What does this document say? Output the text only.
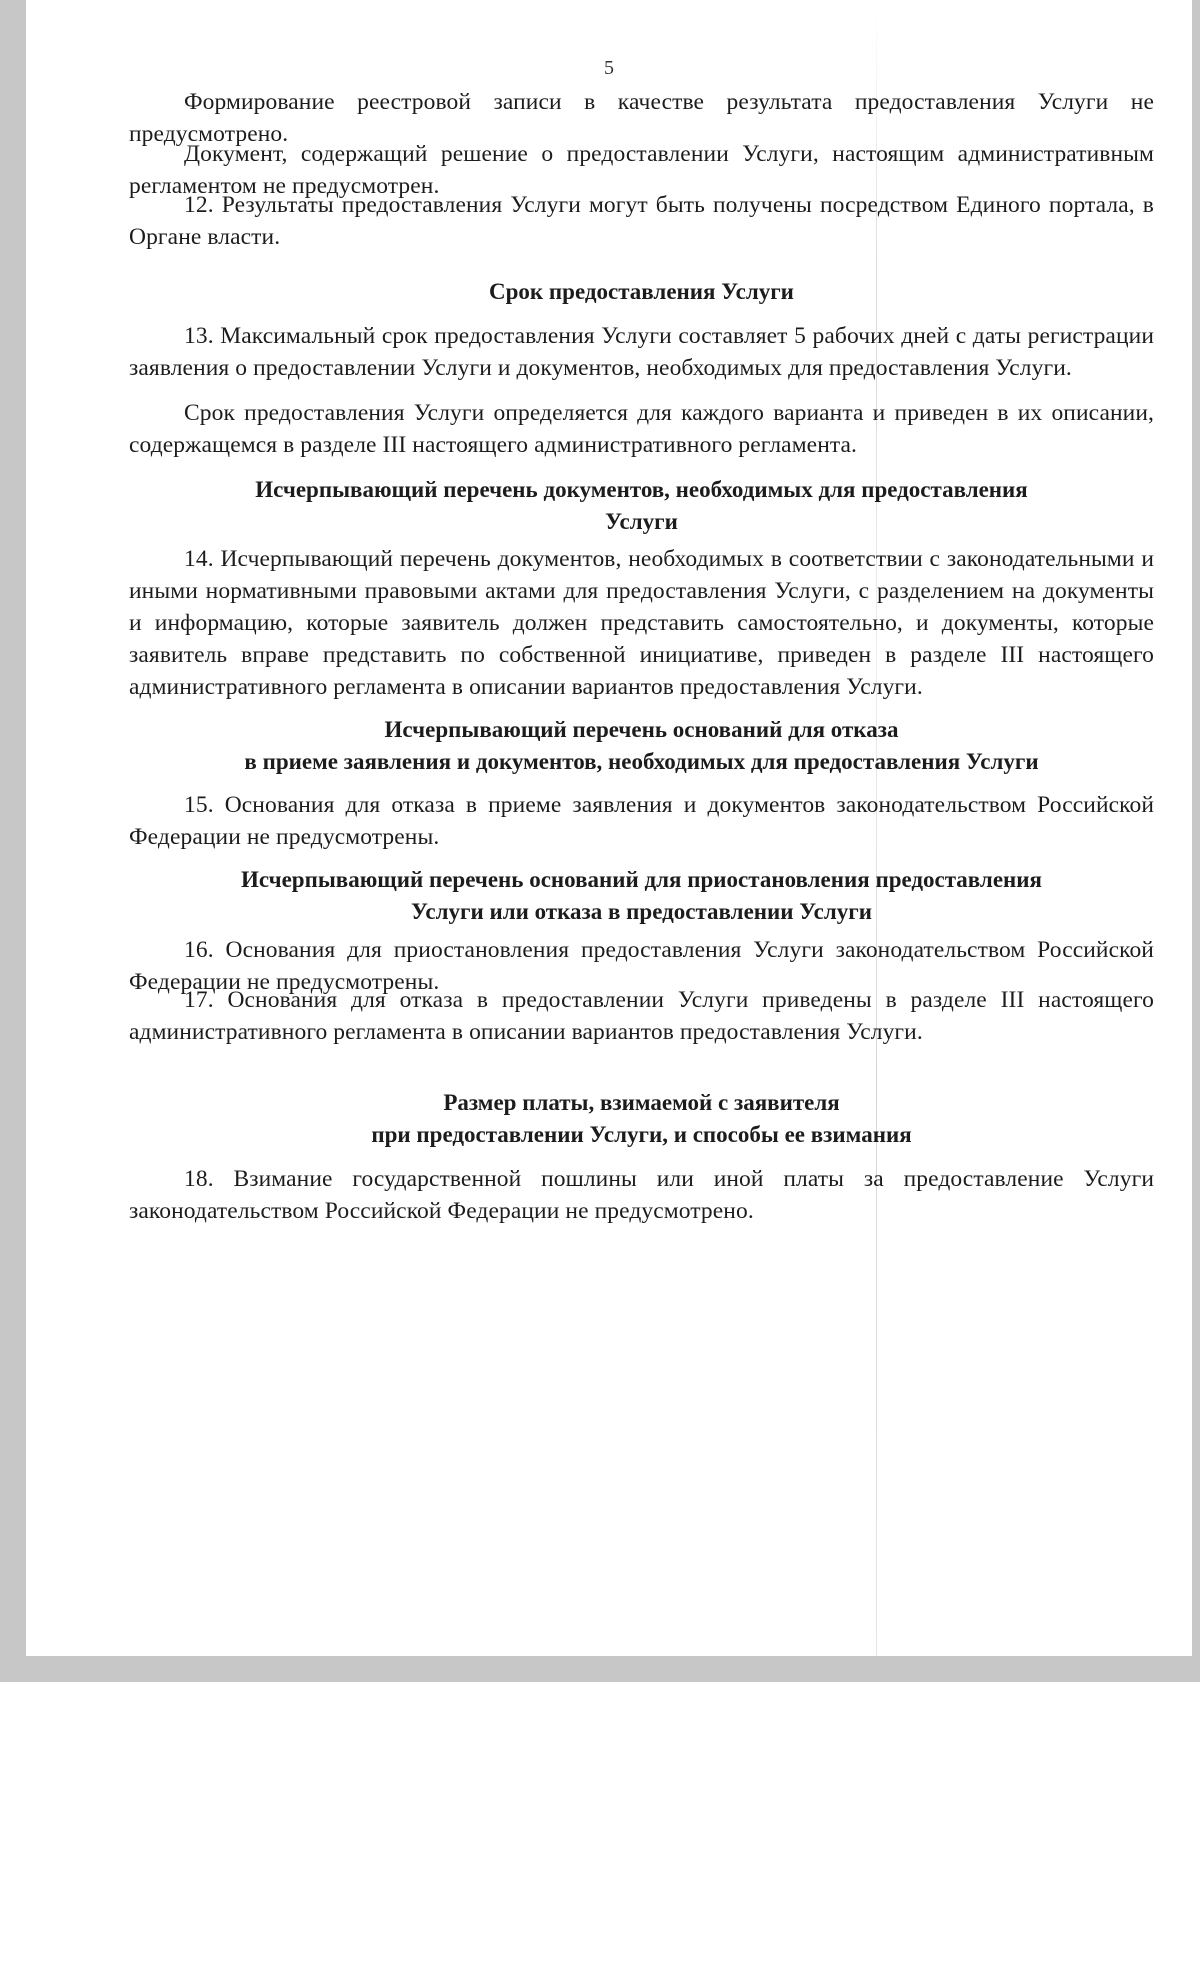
5
Формирование реестровой записи в качестве результата предоставления Услуги не предусмотрено.
Документ, содержащий решение о предоставлении Услуги, настоящим административным регламентом не предусмотрен.
12. Результаты предоставления Услуги могут быть получены посредством Единого портала, в Органе власти.
Срок предоставления Услуги
13. Максимальный срок предоставления Услуги составляет 5 рабочих дней с даты регистрации заявления о предоставлении Услуги и документов, необходимых для предоставления Услуги.
Срок предоставления Услуги определяется для каждого варианта и приведен в их описании, содержащемся в разделе III настоящего административного регламента.
Исчерпывающий перечень документов, необходимых для предоставления
Услуги
14. Исчерпывающий перечень документов, необходимых в соответствии с законодательными и иными нормативными правовыми актами для предоставления Услуги, с разделением на документы и информацию, которые заявитель должен представить самостоятельно, и документы, которые заявитель вправе представить по собственной инициативе, приведен в разделе III настоящего административного регламента в описании вариантов предоставления Услуги.
Исчерпывающий перечень оснований для отказа
в приеме заявления и документов, необходимых для предоставления Услуги
15. Основания для отказа в приеме заявления и документов законодательством Российской Федерации не предусмотрены.
Исчерпывающий перечень оснований для приостановления предоставления
Услуги или отказа в предоставлении Услуги
16. Основания для приостановления предоставления Услуги законодательством Российской Федерации не предусмотрены.
17. Основания для отказа в предоставлении Услуги приведены в разделе III настоящего административного регламента в описании вариантов предоставления Услуги.
Размер платы, взимаемой с заявителя
при предоставлении Услуги, и способы ее взимания
18. Взимание государственной пошлины или иной платы за предоставление Услуги законодательством Российской Федерации не предусмотрено.
